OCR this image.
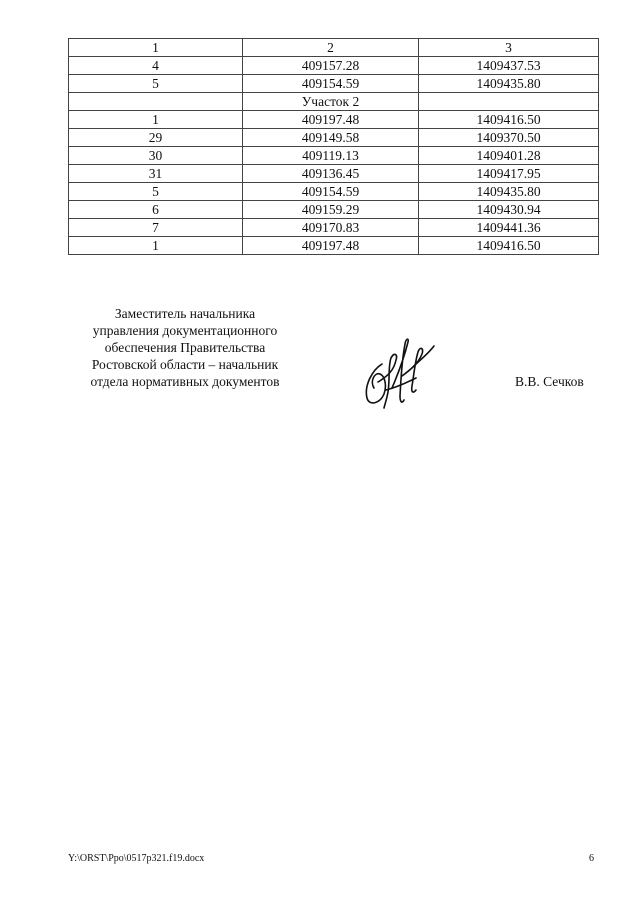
1	2	3
4	409157.28	1409437.53
5	409154.59	1409435.80
	Участок 2	
1	409197.48	1409416.50
29	409149.58	1409370.50
30	409119.13	1409401.28
31	409136.45	1409417.95
5	409154.59	1409435.80
6	409159.29	1409430.94
7	409170.83	1409441.36
1	409197.48	1409416.50
Заместитель начальника
управления документационного
обеспечения Правительства
Ростовской области – начальник
отдела нормативных документов	В.В. Сечков
Y:\ORST\Ppo\0517p321.f19.docx	6
